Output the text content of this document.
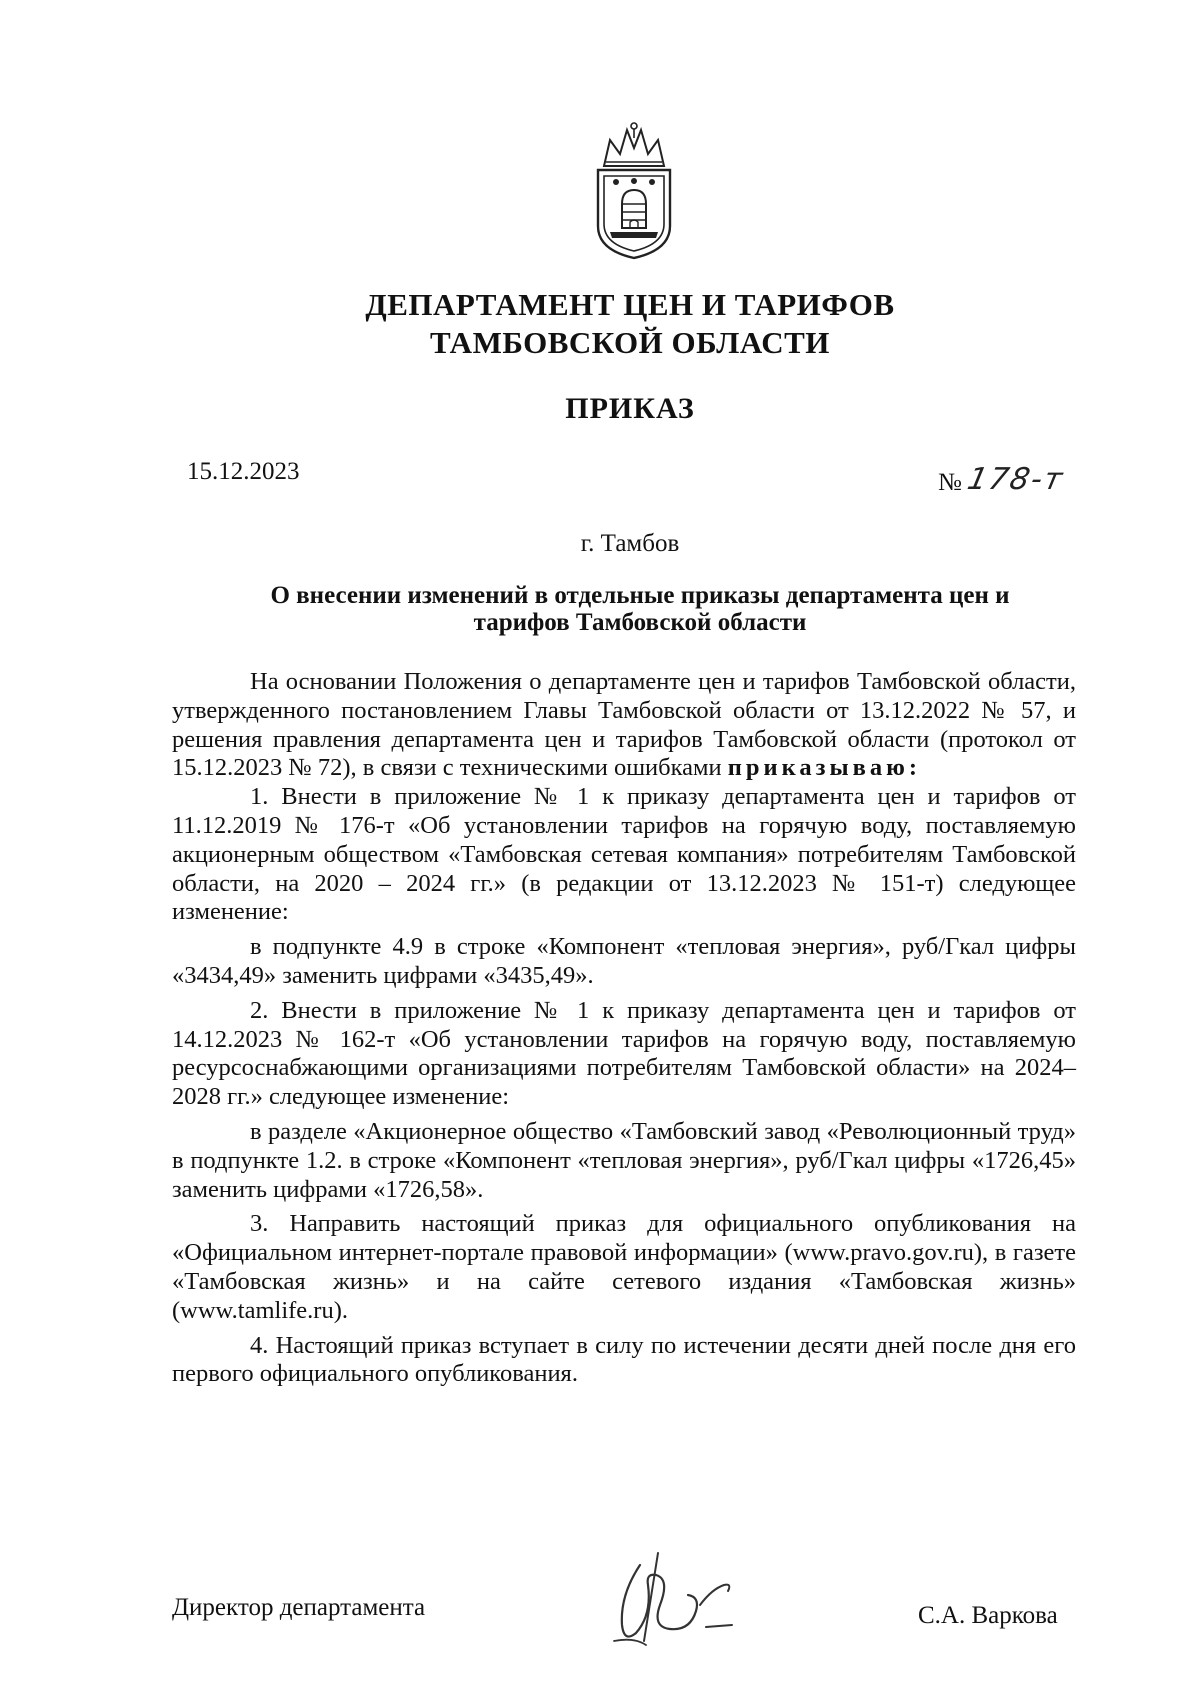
ДЕПАРТАМЕНТ ЦЕН И ТАРИФОВ
ТАМБОВСКОЙ ОБЛАСТИ
ПРИКАЗ
15.12.2023	№ 178-т
г. Тамбов
О внесении изменений в отдельные приказы департамента цен и
тарифов Тамбовской области

На основании Положения о департаменте цен и тарифов Тамбовской области, утвержденного постановлением Главы Тамбовской области от 13.12.2022 № 57, и решения правления департамента цен и тарифов Тамбовской области (протокол от 15.12.2023 № 72), в связи с техническими ошибками приказываю:

1. Внести в приложение № 1 к приказу департамента цен и тарифов от 11.12.2019 № 176-т «Об установлении тарифов на горячую воду, поставляемую акционерным обществом «Тамбовская сетевая компания» потребителям Тамбовской области, на 2020 – 2024 гг.» (в редакции от 13.12.2023 № 151-т) следующее изменение:

в подпункте 4.9 в строке «Компонент «тепловая энергия», руб/Гкал цифры «3434,49» заменить цифрами «3435,49».

2. Внести в приложение № 1 к приказу департамента цен и тарифов от 14.12.2023 № 162-т «Об установлении тарифов на горячую воду, поставляемую ресурсоснабжающими организациями потребителям Тамбовской области» на 2024–2028 гг.» следующее изменение:

в разделе «Акционерное общество «Тамбовский завод «Революционный труд» в подпункте 1.2. в строке «Компонент «тепловая энергия», руб/Гкал цифры «1726,45» заменить цифрами «1726,58».

3. Направить настоящий приказ для официального опубликования на «Официальном интернет-портале правовой информации» (www.pravo.gov.ru), в газете «Тамбовская жизнь» и на сайте сетевого издания «Тамбовская жизнь» (www.tamlife.ru).

4. Настоящий приказ вступает в силу по истечении десяти дней после дня его первого официального опубликования.

Директор департамента	С.А. Варкова
